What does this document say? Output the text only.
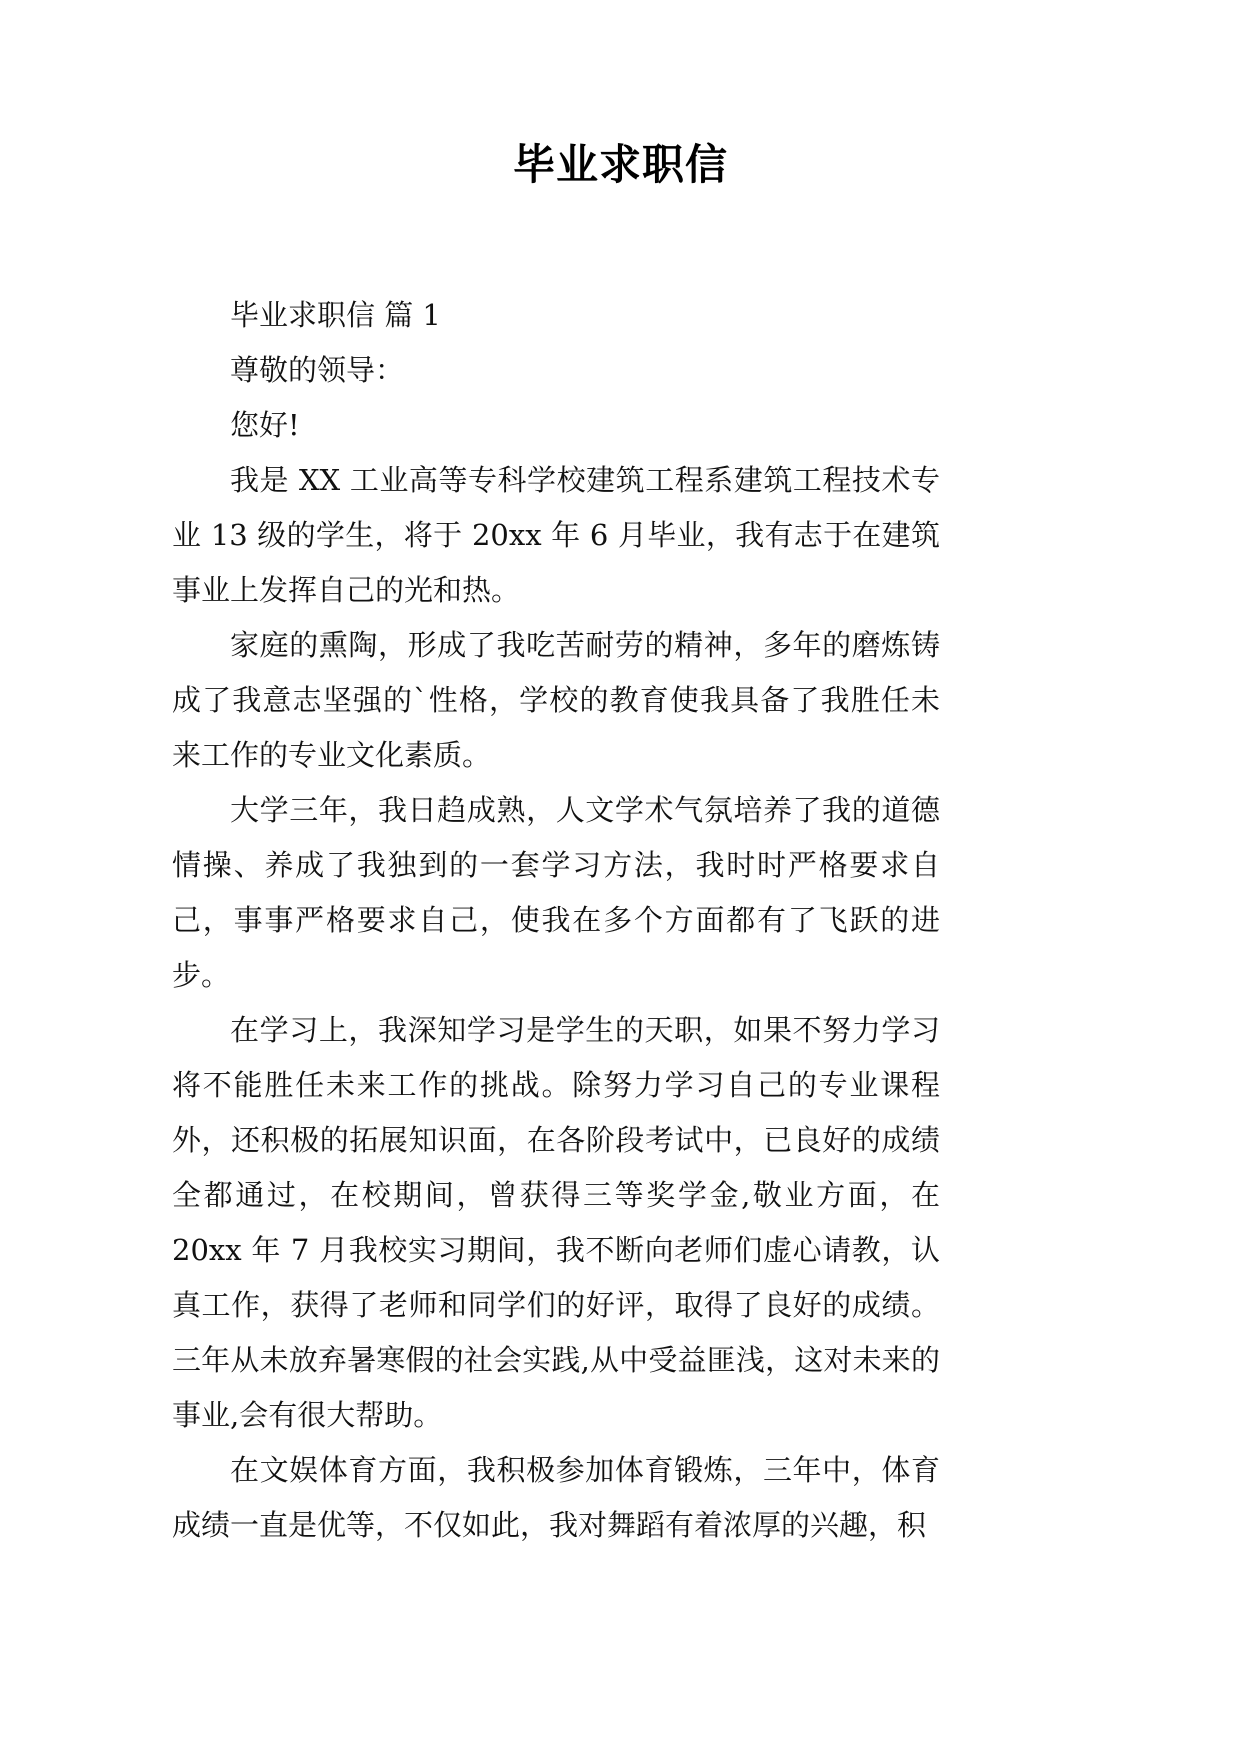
毕业求职信

毕业求职信 篇 1

尊敬的领导：

您好!

我是 XX 工业高等专科学校建筑工程系建筑工程技术专业 13 级的学生，将于 20xx 年 6 月毕业，我有志于在建筑事业上发挥自己的光和热。

家庭的熏陶，形成了我吃苦耐劳的精神，多年的磨炼铸成了我意志坚强的`性格，学校的教育使我具备了我胜任未来工作的专业文化素质。

大学三年，我日趋成熟，人文学术气氛培养了我的道德情操、养成了我独到的一套学习方法，我时时严格要求自己，事事严格要求自己，使我在多个方面都有了飞跃的进步。

在学习上，我深知学习是学生的天职，如果不努力学习将不能胜任未来工作的挑战。除努力学习自己的专业课程外，还积极的拓展知识面，在各阶段考试中，已良好的成绩全都通过，在校期间，曾获得三等奖学金,敬业方面，在 20xx 年 7 月我校实习期间，我不断向老师们虚心请教，认真工作，获得了老师和同学们的好评，取得了良好的成绩。三年从未放弃暑寒假的社会实践,从中受益匪浅，这对未来的事业,会有很大帮助。

在文娱体育方面，我积极参加体育锻炼，三年中，体育成绩一直是优等，不仅如此，我对舞蹈有着浓厚的兴趣，积
